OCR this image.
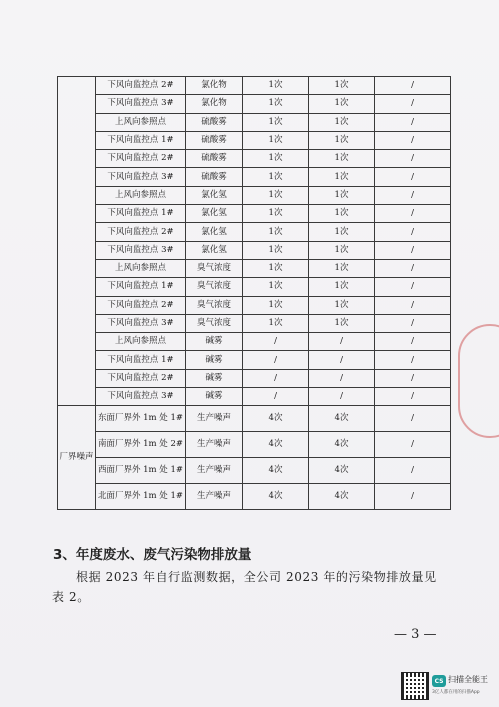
	下风向监控点 2#	氯化物	1次	1次	/
	下风向监控点 3#	氯化物	1次	1次	/
	上风向参照点	硫酸雾	1次	1次	/
	下风向监控点 1#	硫酸雾	1次	1次	/
	下风向监控点 2#	硫酸雾	1次	1次	/
	下风向监控点 3#	硫酸雾	1次	1次	/
	上风向参照点	氯化氢	1次	1次	/
	下风向监控点 1#	氯化氢	1次	1次	/
	下风向监控点 2#	氯化氢	1次	1次	/
	下风向监控点 3#	氯化氢	1次	1次	/
	上风向参照点	臭气浓度	1次	1次	/
	下风向监控点 1#	臭气浓度	1次	1次	/
	下风向监控点 2#	臭气浓度	1次	1次	/
	下风向监控点 3#	臭气浓度	1次	1次	/
	上风向参照点	碱雾	/	/	/
	下风向监控点 1#	碱雾	/	/	/
	下风向监控点 2#	碱雾	/	/	/
	下风向监控点 3#	碱雾	/	/	/
厂界噪声	东面厂界外 1m 处 1#	生产噪声	4次	4次	/
	南面厂界外 1m 处 2#	生产噪声	4次	4次	/
	西面厂界外 1m 处 1#	生产噪声	4次	4次	/
	北面厂界外 1m 处 1#	生产噪声	4次	4次	/
3、年度废水、废气污染物排放量
根据 2023 年自行监测数据，全公司 2023 年的污染物排放量见表 2。
— 3 —
CS 扫描全能王
3亿人都在用的扫描App
